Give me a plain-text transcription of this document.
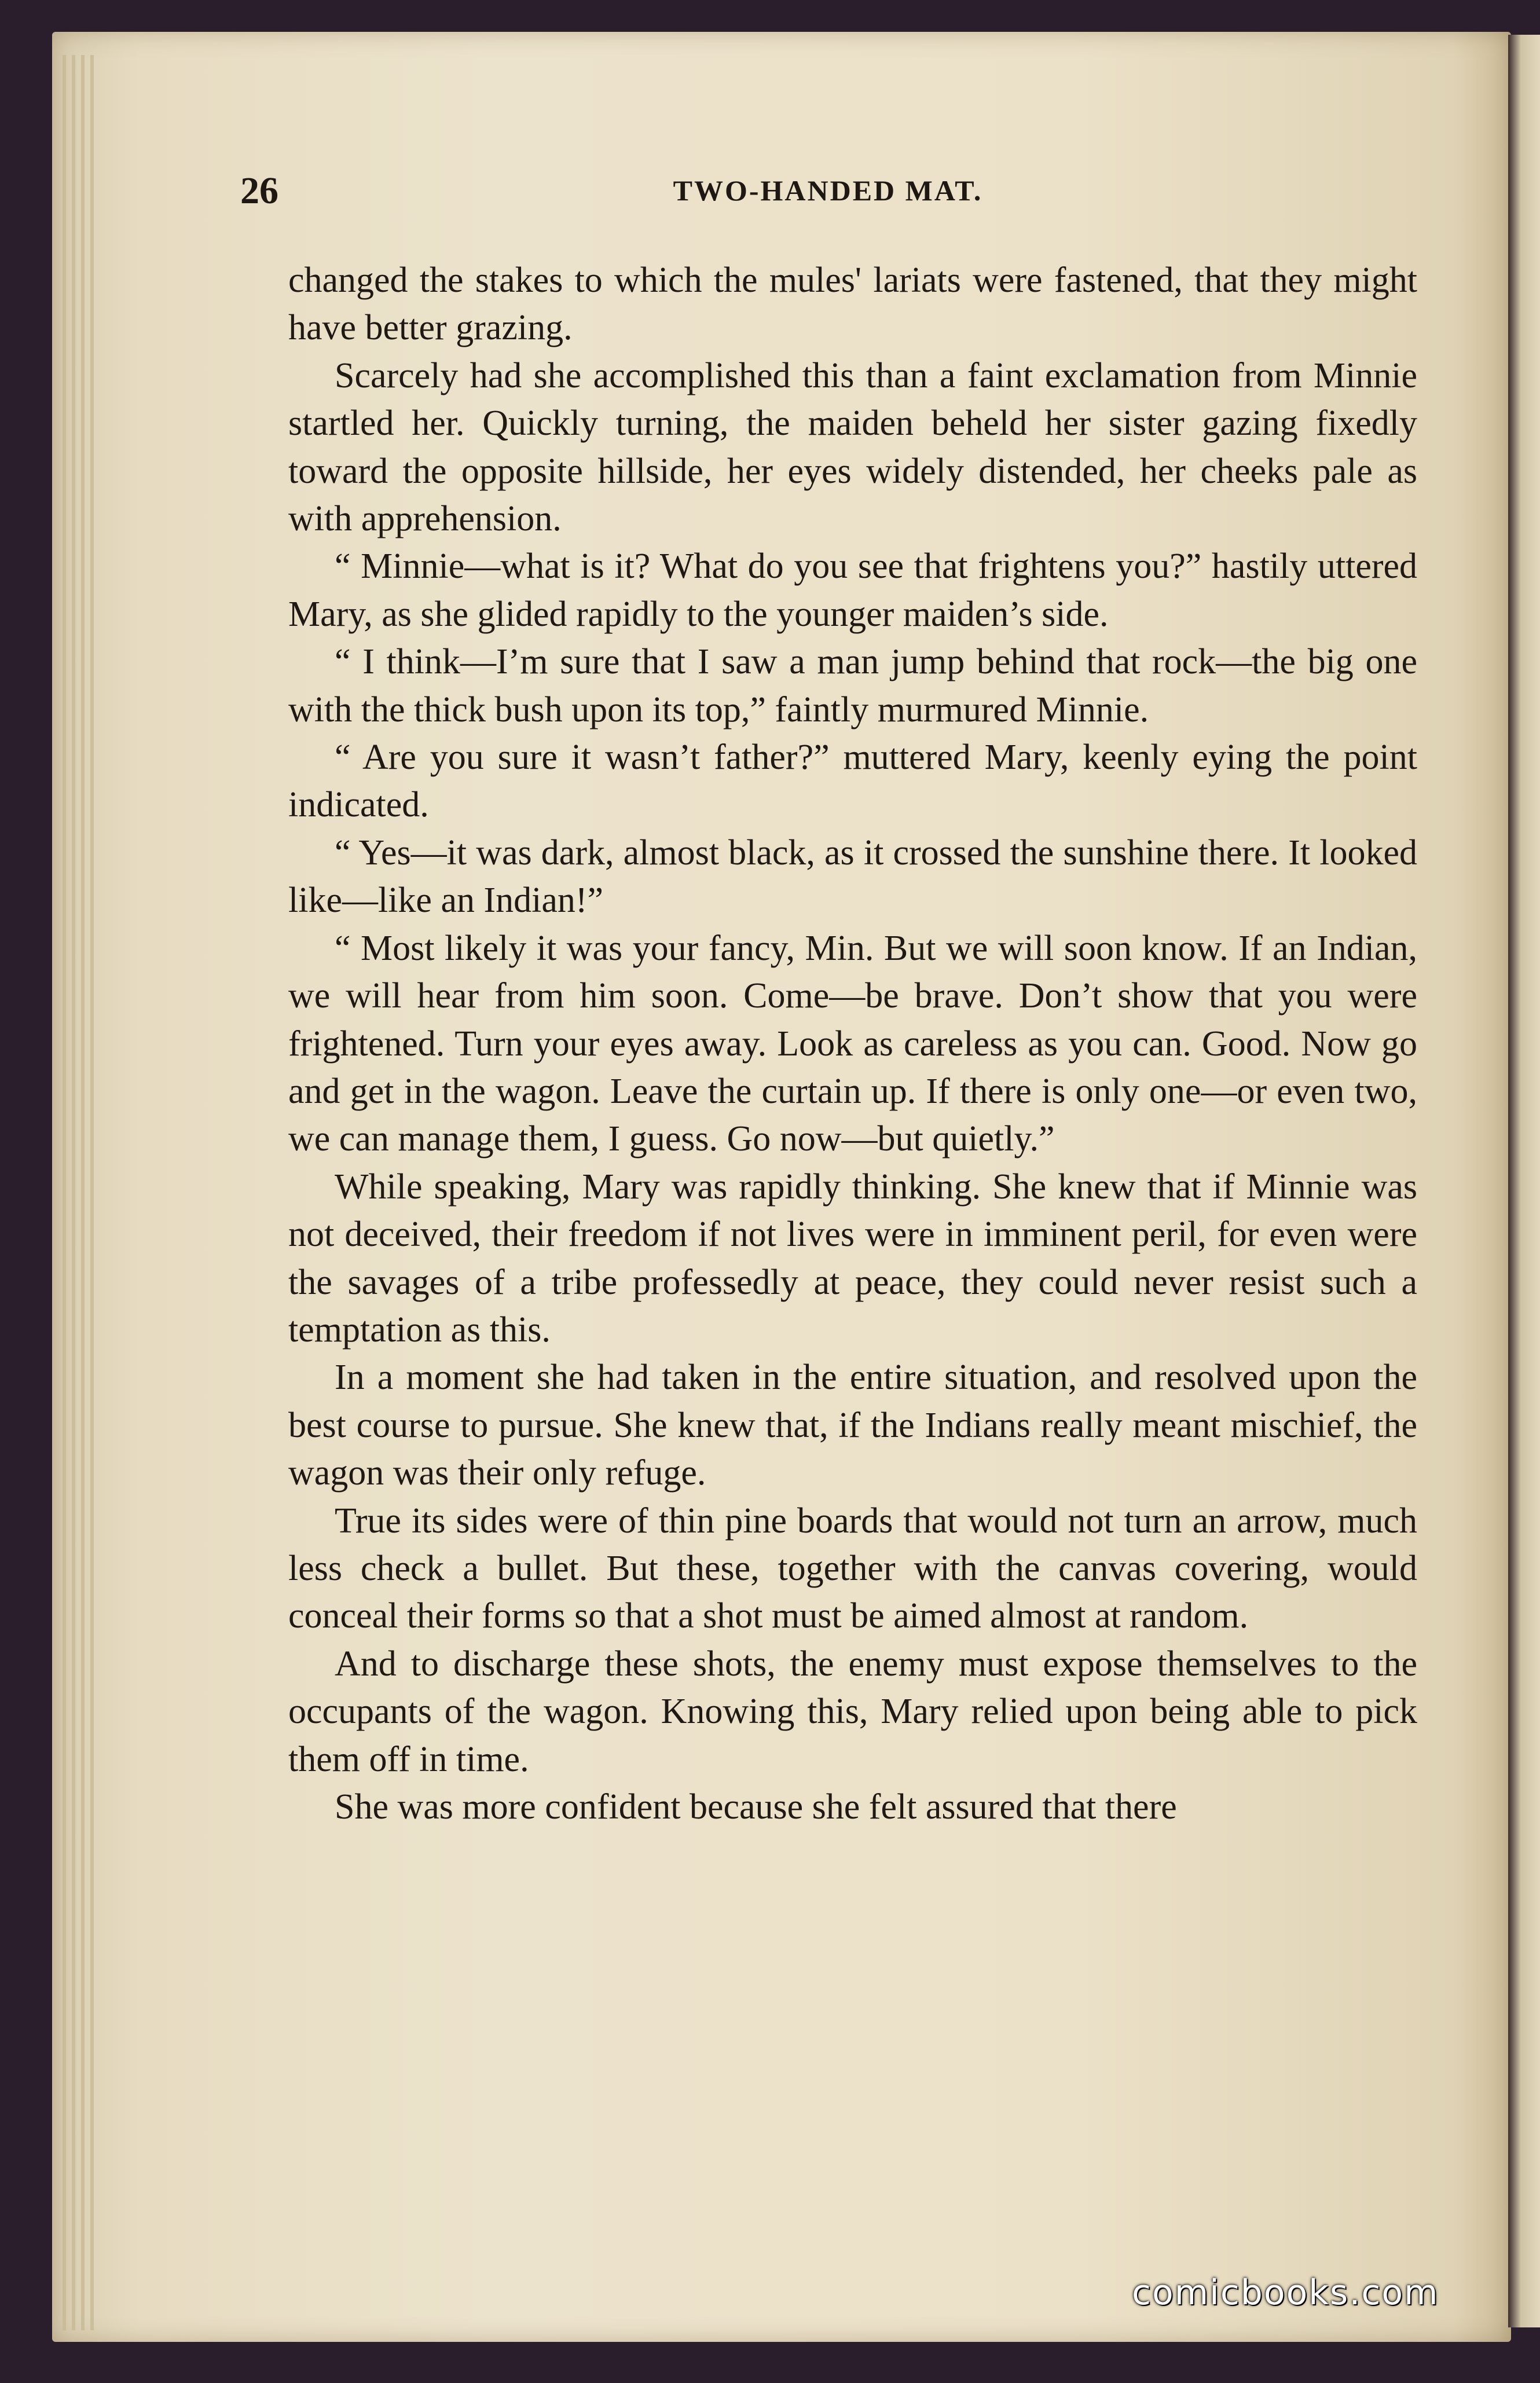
26	TWO-HANDED MAT.

changed the stakes to which the mules' lariats were fastened, that they might have better grazing.

Scarcely had she accomplished this than a faint exclamation from Minnie startled her. Quickly turning, the maiden beheld her sister gazing fixedly toward the opposite hillside, her eyes widely distended, her cheeks pale as with apprehension.

“ Minnie—what is it? What do you see that frightens you?” hastily uttered Mary, as she glided rapidly to the younger maiden’s side.

“ I think—I’m sure that I saw a man jump behind that rock—the big one with the thick bush upon its top,” faintly murmured Minnie.

“ Are you sure it wasn’t father?” muttered Mary, keenly eying the point indicated.

“ Yes—it was dark, almost black, as it crossed the sunshine there. It looked like—like an Indian!”

“ Most likely it was your fancy, Min. But we will soon know. If an Indian, we will hear from him soon. Come—be brave. Don’t show that you were frightened. Turn your eyes away. Look as careless as you can. Good. Now go and get in the wagon. Leave the curtain up. If there is only one—or even two, we can manage them, I guess. Go now—but quietly.”

While speaking, Mary was rapidly thinking. She knew that if Minnie was not deceived, their freedom if not lives were in imminent peril, for even were the savages of a tribe professedly at peace, they could never resist such a temptation as this.

In a moment she had taken in the entire situation, and resolved upon the best course to pursue. She knew that, if the Indians really meant mischief, the wagon was their only refuge.

True its sides were of thin pine boards that would not turn an arrow, much less check a bullet. But these, together with the canvas covering, would conceal their forms so that a shot must be aimed almost at random.

And to discharge these shots, the enemy must expose themselves to the occupants of the wagon. Knowing this, Mary relied upon being able to pick them off in time.

She was more confident because she felt assured that there

comicbooks.com
